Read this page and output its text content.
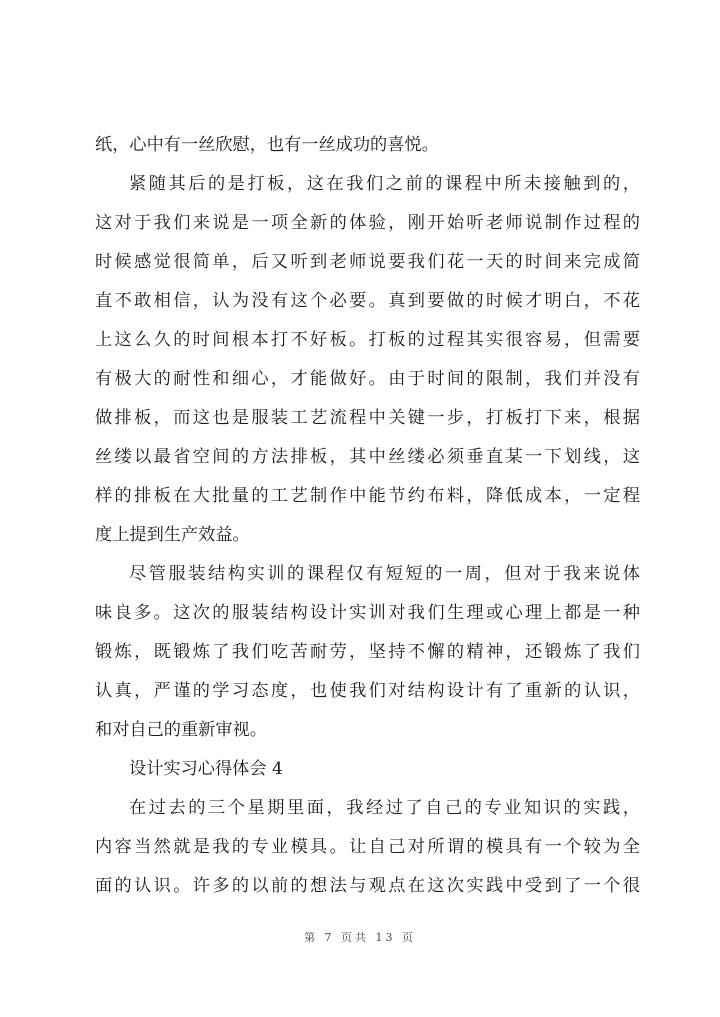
纸，心中有一丝欣慰，也有一丝成功的喜悦。
紧随其后的是打板，这在我们之前的课程中所未接触到的，
这对于我们来说是一项全新的体验，刚开始听老师说制作过程的
时候感觉很简单，后又听到老师说要我们花一天的时间来完成简
直不敢相信，认为没有这个必要。真到要做的时候才明白，不花
上这么久的时间根本打不好板。打板的过程其实很容易，但需要
有极大的耐性和细心，才能做好。由于时间的限制，我们并没有
做排板，而这也是服装工艺流程中关键一步，打板打下来，根据
丝缕以最省空间的方法排板，其中丝缕必须垂直某一下划线，这
样的排板在大批量的工艺制作中能节约布料，降低成本，一定程
度上提到生产效益。
尽管服装结构实训的课程仅有短短的一周，但对于我来说体
味良多。这次的服装结构设计实训对我们生理或心理上都是一种
锻炼，既锻炼了我们吃苦耐劳，坚持不懈的精神，还锻炼了我们
认真，严谨的学习态度，也使我们对结构设计有了重新的认识，
和对自己的重新审视。
设计实习心得体会 4
在过去的三个星期里面，我经过了自己的专业知识的实践，
内容当然就是我的专业模具。让自己对所谓的模具有一个较为全
面的认识。许多的以前的想法与观点在这次实践中受到了一个很
第 7 页共 13 页
